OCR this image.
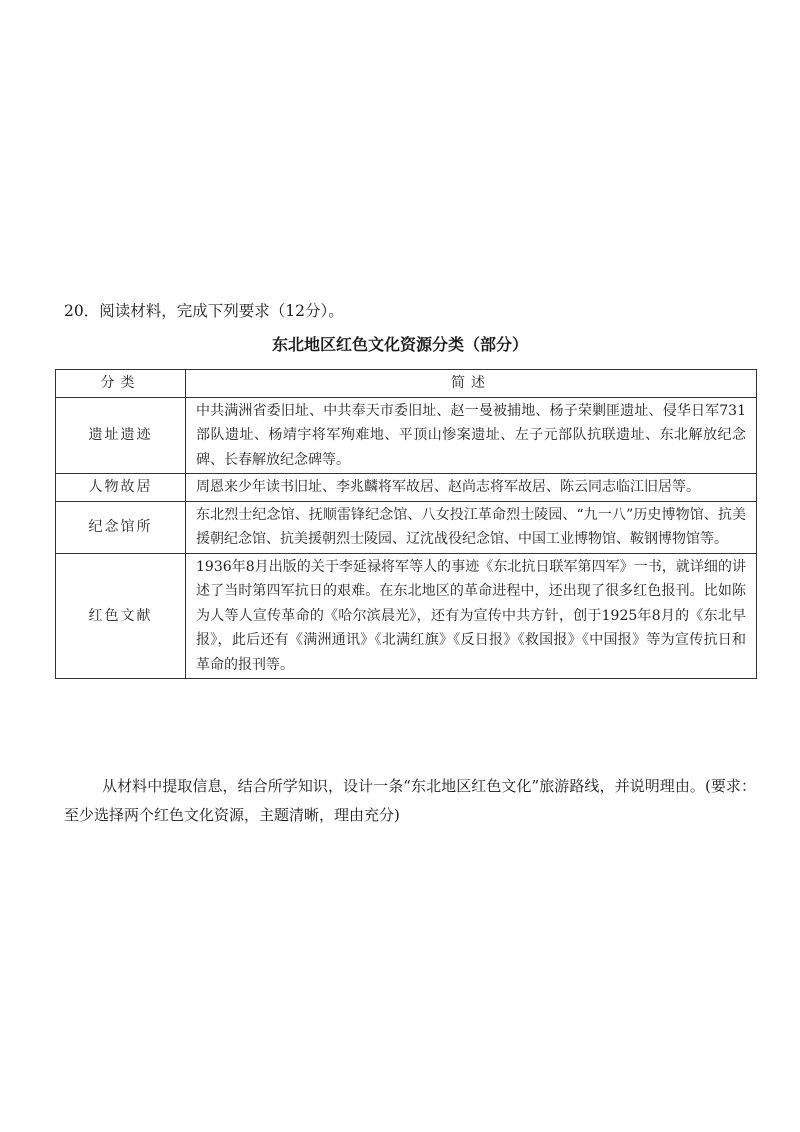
20．阅读材料，完成下列要求（12分）。
东北地区红色文化资源分类（部分）
分类	简述
遗址遗迹	中共满洲省委旧址、中共奉天市委旧址、赵一曼被捕地、杨子荣剿匪遗址、侵华日军731部队遗址、杨靖宇将军殉难地、平顶山惨案遗址、左子元部队抗联遗址、东北解放纪念碑、长春解放纪念碑等。
人物故居	周恩来少年读书旧址、李兆麟将军故居、赵尚志将军故居、陈云同志临江旧居等。
纪念馆所	东北烈士纪念馆、抚顺雷锋纪念馆、八女投江革命烈士陵园、“九一八”历史博物馆、抗美援朝纪念馆、抗美援朝烈士陵园、辽沈战役纪念馆、中国工业博物馆、鞍钢博物馆等。
红色文献	1936年8月出版的关于李延禄将军等人的事迹《东北抗日联军第四军》一书，就详细的讲述了当时第四军抗日的艰难。在东北地区的革命进程中，还出现了很多红色报刊。比如陈为人等人宣传革命的《哈尔滨晨光》，还有为宣传中共方针，创于1925年8月的《东北早报》，此后还有《满洲通讯》《北满红旗》《反日报》《救国报》《中国报》等为宣传抗日和革命的报刊等。
从材料中提取信息，结合所学知识，设计一条“东北地区红色文化”旅游路线，并说明理由。(要求：至少选择两个红色文化资源，主题清晰，理由充分)
